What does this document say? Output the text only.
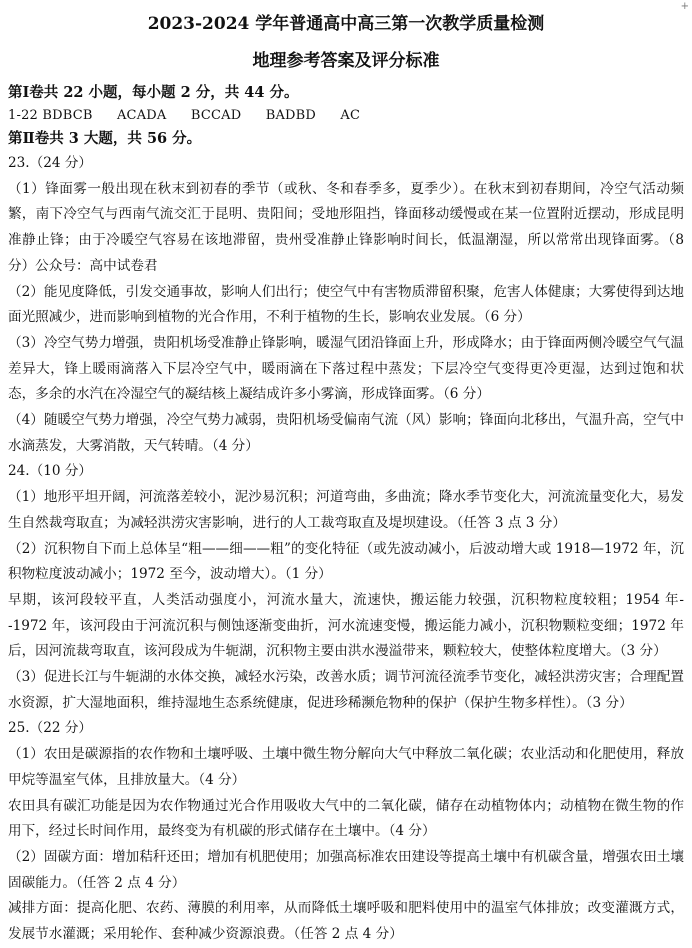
+
2023-2024 学年普通高中高三第一次教学质量检测
地理参考答案及评分标准
第Ⅰ卷共 22 小题，每小题 2 分，共 44 分。
1-22 BDBCB ACADA BCCAD BADBD AC
第Ⅱ卷共 3 大题，共 56 分。
23.（24 分）
（1）锋面雾一般出现在秋末到初春的季节（或秋、冬和春季多，夏季少）。在秋末到初春期间，冷空气活动频繁，南下冷空气与西南气流交汇于昆明、贵阳间；受地形阻挡，锋面移动缓慢或在某一位置附近摆动，形成昆明准静止锋；由于冷暖空气容易在该地滞留，贵州受准静止锋影响时间长，低温潮湿，所以常常出现锋面雾。（8 分）公众号：高中试卷君
（2）能见度降低，引发交通事故，影响人们出行；使空气中有害物质滞留积聚，危害人体健康；大雾使得到达地面光照减少，进而影响到植物的光合作用，不利于植物的生长，影响农业发展。（6 分）
（3）冷空气势力增强，贵阳机场受准静止锋影响，暖湿气团沿锋面上升，形成降水；由于锋面两侧冷暖空气气温差异大，锋上暖雨滴落入下层冷空气中，暖雨滴在下落过程中蒸发；下层冷空气变得更冷更湿，达到过饱和状态，多余的水汽在冷湿空气的凝结核上凝结成许多小雾滴，形成锋面雾。（6 分）
（4）随暖空气势力增强，冷空气势力减弱，贵阳机场受偏南气流（风）影响；锋面向北移出，气温升高，空气中水滴蒸发，大雾消散，天气转晴。（4 分）
24.（10 分）
（1）地形平坦开阔，河流落差较小，泥沙易沉积；河道弯曲，多曲流；降水季节变化大，河流流量变化大，易发生自然裁弯取直；为减轻洪涝灾害影响，进行的人工裁弯取直及堤坝建设。（任答 3 点 3 分）
（2）沉积物自下而上总体呈“粗——细——粗”的变化特征（或先波动减小，后波动增大或 1918—1972 年，沉积物粒度波动减小；1972 至今，波动增大）。（1 分）
早期，该河段较平直，人类活动强度小，河流水量大，流速快，搬运能力较强，沉积物粒度较粗；1954 年--1972 年，该河段由于河流沉积与侧蚀逐渐变曲折，河水流速变慢，搬运能力减小，沉积物颗粒变细；1972 年后，因河流裁弯取直，该河段成为牛轭湖，沉积物主要由洪水漫溢带来，颗粒较大，使整体粒度增大。（3 分）
（3）促进长江与牛轭湖的水体交换，减轻水污染，改善水质；调节河流径流季节变化，减轻洪涝灾害；合理配置水资源，扩大湿地面积，维持湿地生态系统健康，促进珍稀濒危物种的保护（保护生物多样性）。（3 分）
25.（22 分）
（1）农田是碳源指的农作物和土壤呼吸、土壤中微生物分解向大气中释放二氧化碳；农业活动和化肥使用，释放甲烷等温室气体，且排放量大。（4 分）
农田具有碳汇功能是因为农作物通过光合作用吸收大气中的二氧化碳，储存在动植物体内；动植物在微生物的作用下，经过长时间作用，最终变为有机碳的形式储存在土壤中。（4 分）
（2）固碳方面：增加秸秆还田；增加有机肥使用；加强高标准农田建设等提高土壤中有机碳含量，增强农田土壤固碳能力。（任答 2 点 4 分）
减排方面：提高化肥、农药、薄膜的利用率，从而降低土壤呼吸和肥料使用中的温室气体排放；改变灌溉方式，发展节水灌溉；采用轮作、套种减少资源浪费。（任答 2 点 4 分）
